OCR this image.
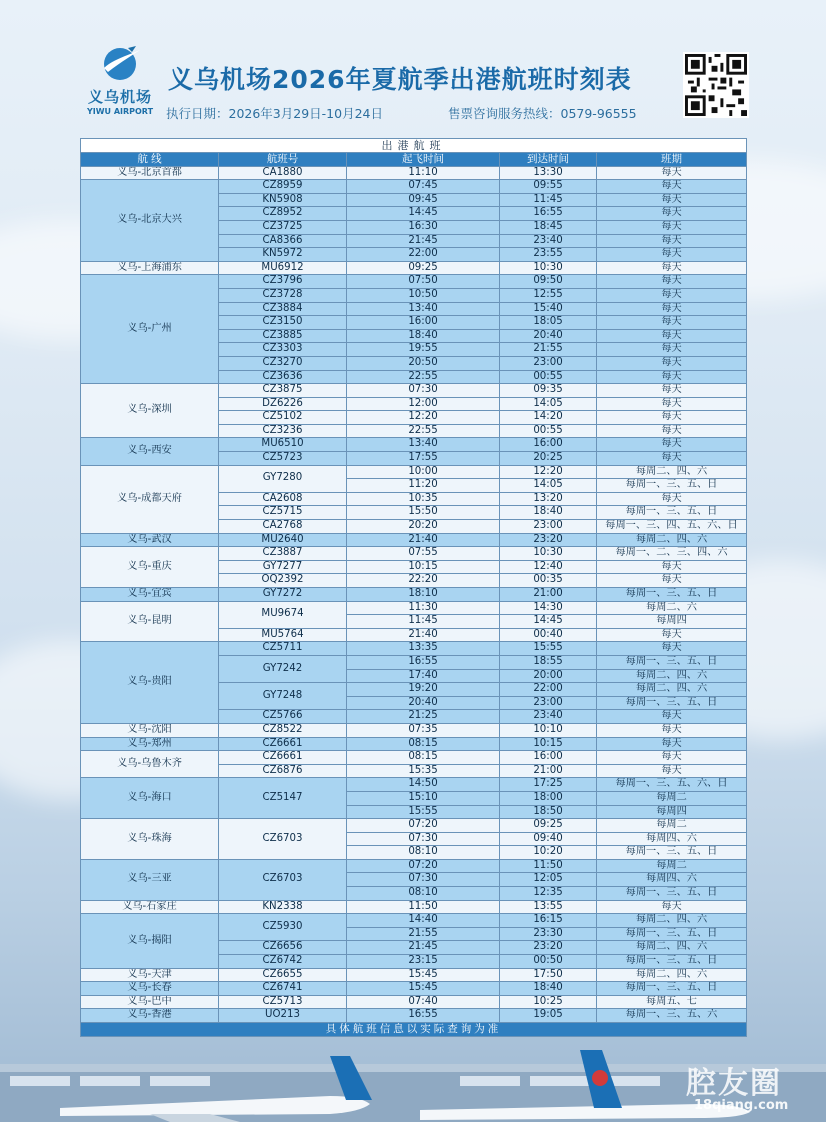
义乌机场
YIWU AIRPORT
义乌机场2026年夏航季出港航班时刻表
执行日期：2026年3月29日-10月24日	售票咨询服务热线：0579-96555
出港航班				
航 线	航班号	起飞时间	到达时间	班期
义乌-北京首都	CA1880	11:10	13:30	每天
义乌-北京大兴	CZ8959	07:45	09:55	每天
	KN5908	09:45	11:45	每天
	CZ8952	14:45	16:55	每天
	CZ3725	16:30	18:45	每天
	CA8366	21:45	23:40	每天
	KN5972	22:00	23:55	每天
义乌-上海浦东	MU6912	09:25	10:30	每天
义乌-广州	CZ3796	07:50	09:50	每天
	CZ3728	10:50	12:55	每天
	CZ3884	13:40	15:40	每天
	CZ3150	16:00	18:05	每天
	CZ3885	18:40	20:40	每天
	CZ3303	19:55	21:55	每天
	CZ3270	20:50	23:00	每天
	CZ3636	22:55	00:55	每天
义乌-深圳	CZ3875	07:30	09:35	每天
	DZ6226	12:00	14:05	每天
	CZ5102	12:20	14:20	每天
	CZ3236	22:55	00:55	每天
义乌-西安	MU6510	13:40	16:00	每天
	CZ5723	17:55	20:25	每天
义乌-成都天府	GY7280	10:00	12:20	每周二、四、六
		11:20	14:05	每周一、三、五、日
	CA2608	10:35	13:20	每天
	CZ5715	15:50	18:40	每周一、三、五、日
	CA2768	20:20	23:00	每周一、三、四、五、六、日
义乌-武汉	MU2640	21:40	23:20	每周二、四、六
义乌-重庆	CZ3887	07:55	10:30	每周一、二、三、四、六
	GY7277	10:15	12:40	每天
	OQ2392	22:20	00:35	每天
义乌-宜宾	GY7272	18:10	21:00	每周一、三、五、日
义乌-昆明	MU9674	11:30	14:30	每周二、六
		11:45	14:45	每周四
	MU5764	21:40	00:40	每天
义乌-贵阳	CZ5711	13:35	15:55	每天
	GY7242	16:55	18:55	每周一、三、五、日
		17:40	20:00	每周二、四、六
	GY7248	19:20	22:00	每周二、四、六
		20:40	23:00	每周一、三、五、日
	CZ5766	21:25	23:40	每天
义乌-沈阳	CZ8522	07:35	10:10	每天
义乌-郑州	CZ6661	08:15	10:15	每天
义乌-乌鲁木齐	CZ6661	08:15	16:00	每天
	CZ6876	15:35	21:00	每天
义乌-海口	CZ5147	14:50	17:25	每周一、三、五、六、日
		15:10	18:00	每周二
		15:55	18:50	每周四
义乌-珠海	CZ6703	07:20	09:25	每周二
		07:30	09:40	每周四、六
		08:10	10:20	每周一、三、五、日
义乌-三亚	CZ6703	07:20	11:50	每周二
		07:30	12:05	每周四、六
		08:10	12:35	每周一、三、五、日
义乌-石家庄	KN2338	11:50	13:55	每天
义乌-揭阳	CZ5930	14:40	16:15	每周二、四、六
		21:55	23:30	每周一、三、五、日
	CZ6656	21:45	23:20	每周二、四、六
	CZ6742	23:15	00:50	每周一、三、五、日
义乌-天津	CZ6655	15:45	17:50	每周二、四、六
义乌-长春	CZ6741	15:45	18:40	每周一、三、五、日
义乌-巴中	CZ5713	07:40	10:25	每周五、七
义乌-香港	UO213	16:55	19:05	每周一、三、五、六
具体航班信息以实际查询为准				
腔友圈
18qiang.com
